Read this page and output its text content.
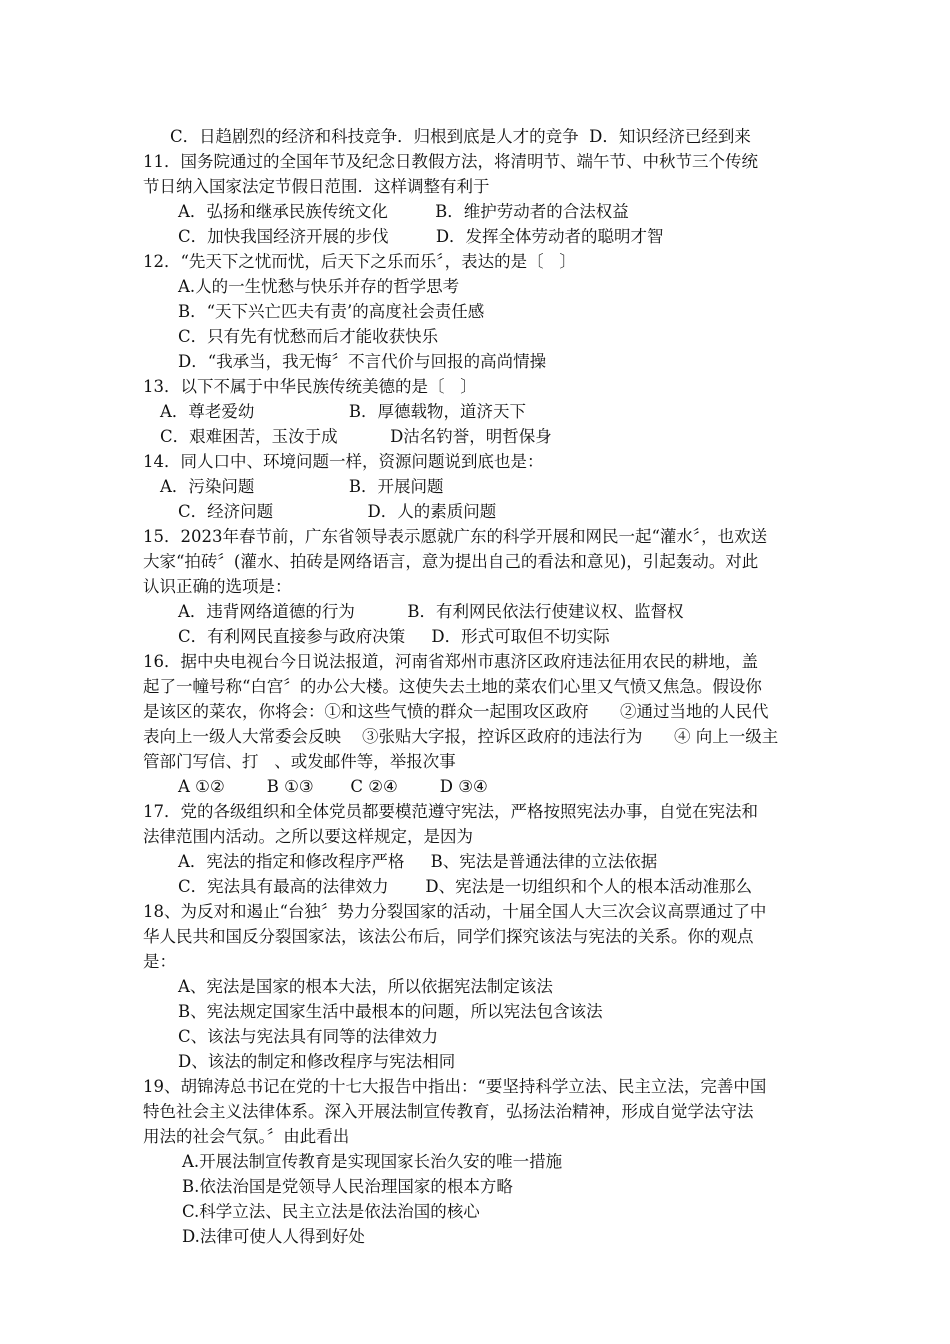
C．日趋剧烈的经济和科技竞争．归根到底是人才的竞争  D．知识经济已经到来
11．国务院通过的全国年节及纪念日教假方法，将清明节、端午节、中秋节三个传统
节日纳入国家法定节假日范围．这样调整有利于
A．弘扬和继承民族传统文化         B．维护劳动者的合法权益
C．加快我国经济开展的步伐         D．发挥全体劳动者的聪明才智
12．“先天下之忧而忧，后天下之乐而乐〞，表达的是〔   〕
A.人的一生忧愁与快乐并存的哲学思考
B．“天下兴亡匹夫有责’的高度社会责任感
C．只有先有忧愁而后才能收获快乐
D．“我承当，我无悔〞不言代价与回报的高尚情操
13．以下不属于中华民族传统美德的是〔   〕
A．尊老爱幼                  B．厚德载物，道济天下
C．艰难困苦，玉汝于成          D沽名钓誉，明哲保身
14．同人口中、环境问题一样，资源问题说到底也是：
A．污染问题                  B．开展问题
C．经济问题                  D．人的素质问题
15．2023年春节前，广东省领导表示愿就广东的科学开展和网民一起“灌水〞，也欢送
大家“拍砖〞(灌水、拍砖是网络语言，意为提出自己的看法和意见)，引起轰动。对此
认识正确的选项是：
A．违背网络道德的行为          B．有利网民依法行使建议权、监督权
C．有利网民直接参与政府决策     D．形式可取但不切实际
16．据中央电视台今日说法报道，河南省郑州市惠济区政府违法征用农民的耕地，盖
起了一幢号称“白宫〞的办公大楼。这使失去土地的菜农们心里又气愤又焦急。假设你
是该区的菜农，你将会：①和这些气愤的群众一起围攻区政府      ②通过当地的人民代
表向上一级人大常委会反映    ③张贴大字报，控诉区政府的违法行为      ④ 向上一级主
管部门写信、打   、或发邮件等，举报次事
A ①②        B ①③       C ②④        D ③④
17．党的各级组织和全体党员都要模范遵守宪法，严格按照宪法办事，自觉在宪法和
法律范围内活动。之所以要这样规定，是因为
A．宪法的指定和修改程序严格     B、宪法是普通法律的立法依据
C．宪法具有最高的法律效力       D、宪法是一切组织和个人的根本活动准那么
18、为反对和遏止“台独〞势力分裂国家的活动，十届全国人大三次会议高票通过了中
华人民共和国反分裂国家法，该法公布后，同学们探究该法与宪法的关系。你的观点
是：
A、宪法是国家的根本大法，所以依据宪法制定该法
B、宪法规定国家生活中最根本的问题，所以宪法包含该法
C、该法与宪法具有同等的法律效力
D、该法的制定和修改程序与宪法相同
19、胡锦涛总书记在党的十七大报告中指出：“要坚持科学立法、民主立法，完善中国
特色社会主义法律体系。深入开展法制宣传教育，弘扬法治精神，形成自觉学法守法
用法的社会气氛。〞由此看出
A.开展法制宣传教育是实现国家长治久安的唯一措施
B.依法治国是党领导人民治理国家的根本方略
C.科学立法、民主立法是依法治国的核心
D.法律可使人人得到好处
